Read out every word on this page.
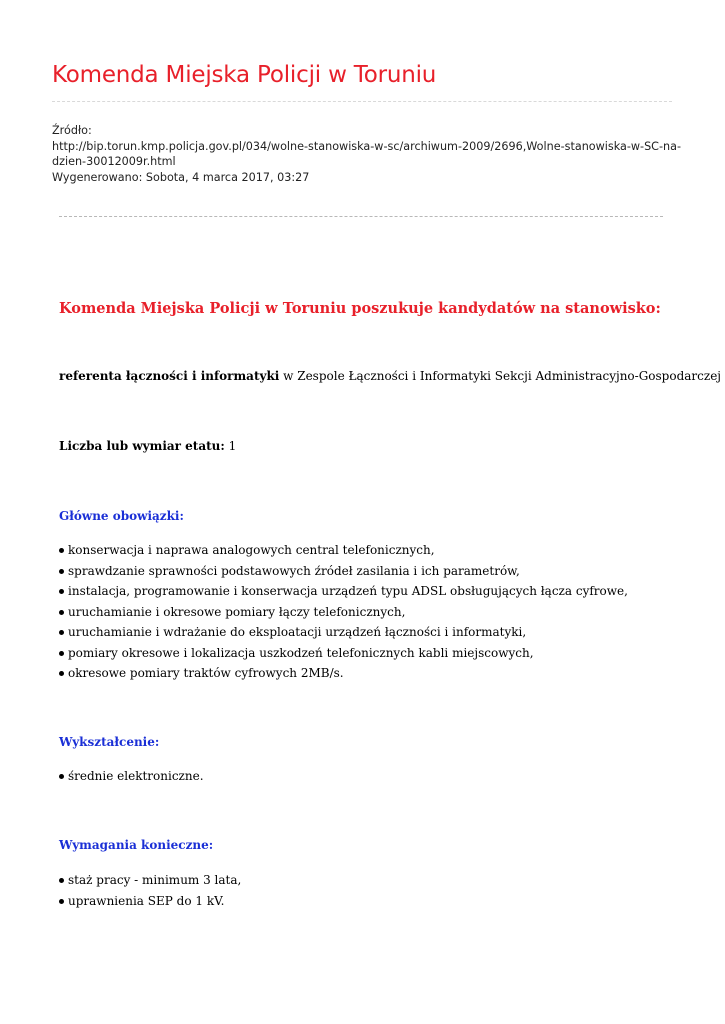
Komenda Miejska Policji w Toruniu
Źródło:
http://bip.torun.kmp.policja.gov.pl/034/wolne-stanowiska-w-sc/archiwum-2009/2696,Wolne-stanowiska-w-SC-na-dzien-30012009r.html
Wygenerowano: Sobota, 4 marca 2017, 03:27
Komenda Miejska Policji w Toruniu poszukuje kandydatów na stanowisko:

referenta łączności i informatyki w Zespole Łączności i Informatyki Sekcji Administracyjno-Gospodarczej

Liczba lub wymiar etatu: 1

Główne obowiązki:
konserwacja i naprawa analogowych central telefonicznych,
sprawdzanie sprawności podstawowych źródeł zasilania i ich parametrów,
instalacja, programowanie i konserwacja urządzeń typu ADSL obsługujących łącza cyfrowe,
uruchamianie i okresowe pomiary łączy telefonicznych,
uruchamianie i wdrażanie do eksploatacji urządzeń łączności i informatyki,
pomiary okresowe i lokalizacja uszkodzeń telefonicznych kabli miejscowych,
okresowe pomiary traktów cyfrowych 2MB/s.
Wykształcenie:
średnie elektroniczne.
Wymagania konieczne:
staż pracy - minimum 3 lata,
uprawnienia SEP do 1 kV.
